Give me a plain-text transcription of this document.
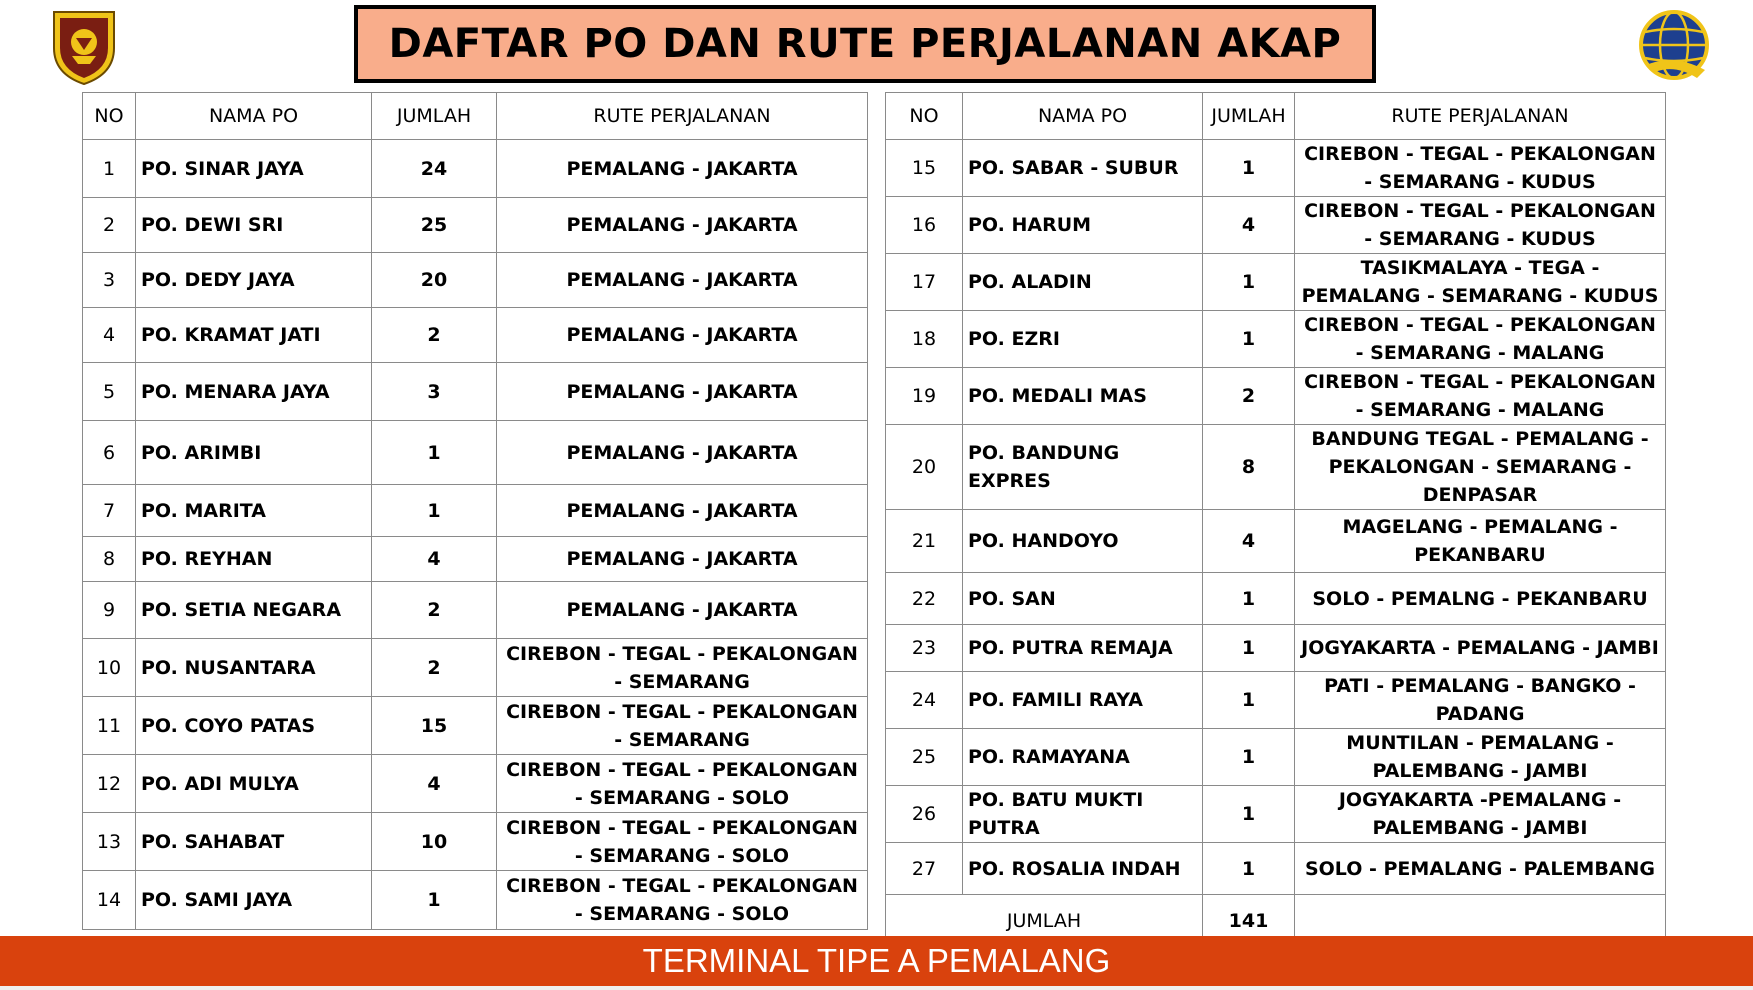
DAFTAR PO DAN RUTE PERJALANAN AKAP
NO	NAMA PO	JUMLAH	RUTE PERJALANAN
1	PO. SINAR JAYA	24	PEMALANG - JAKARTA
2	PO. DEWI SRI	25	PEMALANG - JAKARTA
3	PO. DEDY JAYA	20	PEMALANG - JAKARTA
4	PO. KRAMAT JATI	2	PEMALANG - JAKARTA
5	PO. MENARA JAYA	3	PEMALANG - JAKARTA
6	PO. ARIMBI	1	PEMALANG - JAKARTA
7	PO. MARITA	1	PEMALANG - JAKARTA
8	PO. REYHAN	4	PEMALANG - JAKARTA
9	PO. SETIA NEGARA	2	PEMALANG - JAKARTA
10	PO. NUSANTARA	2	CIREBON - TEGAL - PEKALONGAN - SEMARANG
11	PO. COYO PATAS	15	CIREBON - TEGAL - PEKALONGAN - SEMARANG
12	PO. ADI MULYA	4	CIREBON - TEGAL - PEKALONGAN - SEMARANG - SOLO
13	PO. SAHABAT	10	CIREBON - TEGAL - PEKALONGAN - SEMARANG - SOLO
14	PO. SAMI JAYA	1	CIREBON - TEGAL - PEKALONGAN - SEMARANG - SOLO
NO	NAMA PO	JUMLAH	RUTE PERJALANAN
15	PO. SABAR - SUBUR	1	CIREBON - TEGAL - PEKALONGAN - SEMARANG - KUDUS
16	PO. HARUM	4	CIREBON - TEGAL - PEKALONGAN - SEMARANG - KUDUS
17	PO. ALADIN	1	TASIKMALAYA - TEGA - PEMALANG - SEMARANG - KUDUS
18	PO. EZRI	1	CIREBON - TEGAL - PEKALONGAN - SEMARANG - MALANG
19	PO. MEDALI MAS	2	CIREBON - TEGAL - PEKALONGAN - SEMARANG - MALANG
20	PO. BANDUNG EXPRES	8	BANDUNG TEGAL - PEMALANG - PEKALONGAN - SEMARANG - DENPASAR
21	PO. HANDOYO	4	MAGELANG - PEMALANG - PEKANBARU
22	PO. SAN	1	SOLO - PEMALNG - PEKANBARU
23	PO. PUTRA REMAJA	1	JOGYAKARTA - PEMALANG - JAMBI
24	PO. FAMILI RAYA	1	PATI - PEMALANG - BANGKO - PADANG
25	PO. RAMAYANA	1	MUNTILAN - PEMALANG - PALEMBANG - JAMBI
26	PO. BATU MUKTI PUTRA	1	JOGYAKARTA -PEMALANG - PALEMBANG - JAMBI
27	PO. ROSALIA INDAH	1	SOLO - PEMALANG - PALEMBANG
JUMLAH		141	
TERMINAL TIPE A PEMALANG
